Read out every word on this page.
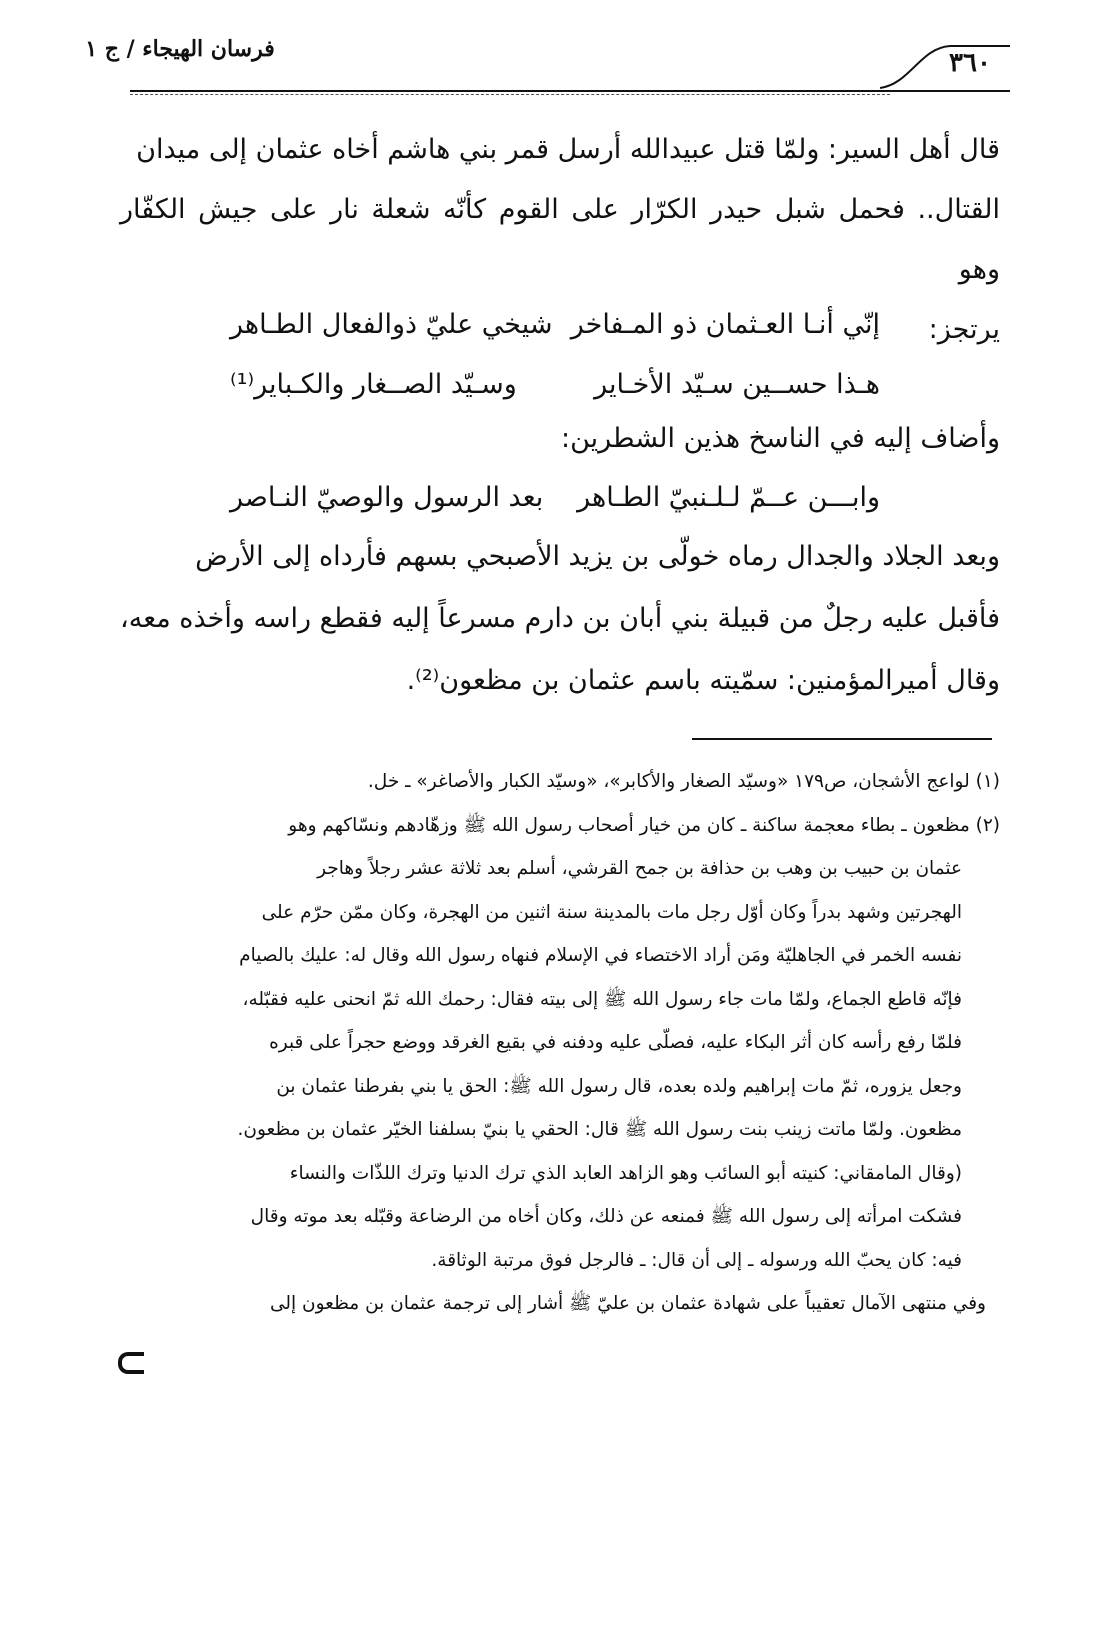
فرسان الهيجاء / ج ١	٣٦٠

قال أهل السير: ولمّا قتل عبيدالله أرسل قمر بني هاشم أخاه عثمان إلى ميدان

القتال.. فحمل شبل حيدر الكرّار على القوم كأنّه شعلة نار على جيش الكفّار وهو

يرتجز:

إنّي أنـا العـثمان ذو المـفاخر
شيخي عليّ ذوالفعال الطـاهر
هـذا حســين سـيّد الأخـاير
وسـيّد الصــغار والكـباير⁽¹⁾

وأضاف إليه في الناسخ هذين الشطرين:

وابـــن عــمّ لـلـنبيّ الطـاهر
بعد الرسول والوصيّ النـاصر

وبعد الجلاد والجدال رماه خولّى بن يزيد الأصبحي بسهم فأرداه إلى الأرض

فأقبل عليه رجلٌ من قبيلة بني أبان بن دارم مسرعاً إليه فقطع راسه وأخذه معه،

وقال أميرالمؤمنين: سمّيته باسم عثمان بن مظعون⁽²⁾.

(١) لواعج الأشجان، ص١٧٩ «وسيّد الصغار والأكابر»، «وسيّد الكبار والأصاغر» ـ خل.

(٢) مظعون ـ بطاء معجمة ساكنة ـ كان من خيار أصحاب رسول الله ﷺ وزهّادهم ونسّاكهم وهو

عثمان بن حبيب بن وهب بن حذافة بن جمح القرشي، أسلم بعد ثلاثة عشر رجلاً وهاجر

الهجرتين وشهد بدراً وكان أوّل رجل مات بالمدينة سنة اثنين من الهجرة، وكان ممّن حرّم على

نفسه الخمر في الجاهليّة ومَن أراد الاختصاء في الإسلام فنهاه رسول الله وقال له: عليك بالصيام

فإنّه قاطع الجماع، ولمّا مات جاء رسول الله ﷺ إلى بيته فقال: رحمك الله ثمّ انحنى عليه فقبّله،

فلمّا رفع رأسه كان أثر البكاء عليه، فصلّى عليه ودفنه في بقيع الغرقد ووضع حجراً على قبره

وجعل يزوره، ثمّ مات إبراهيم ولده بعده، قال رسول الله ﷺ: الحق يا بني بفرطنا عثمان بن

مظعون. ولمّا ماتت زينب بنت رسول الله ﷺ قال: الحقي يا بنيّ بسلفنا الخيّر عثمان بن مظعون.

(وقال المامقاني: كنيته أبو السائب وهو الزاهد العابد الذي ترك الدنيا وترك اللذّات والنساء

فشكت امرأته إلى رسول الله ﷺ فمنعه عن ذلك، وكان أخاه من الرضاعة وقبّله بعد موته وقال

فيه: كان يحبّ الله ورسوله ـ إلى أن قال: ـ فالرجل فوق مرتبة الوثاقة.

وفي منتهى الآمال تعقيباً على شهادة عثمان بن عليّ ﷺ أشار إلى ترجمة عثمان بن مظعون إلى
